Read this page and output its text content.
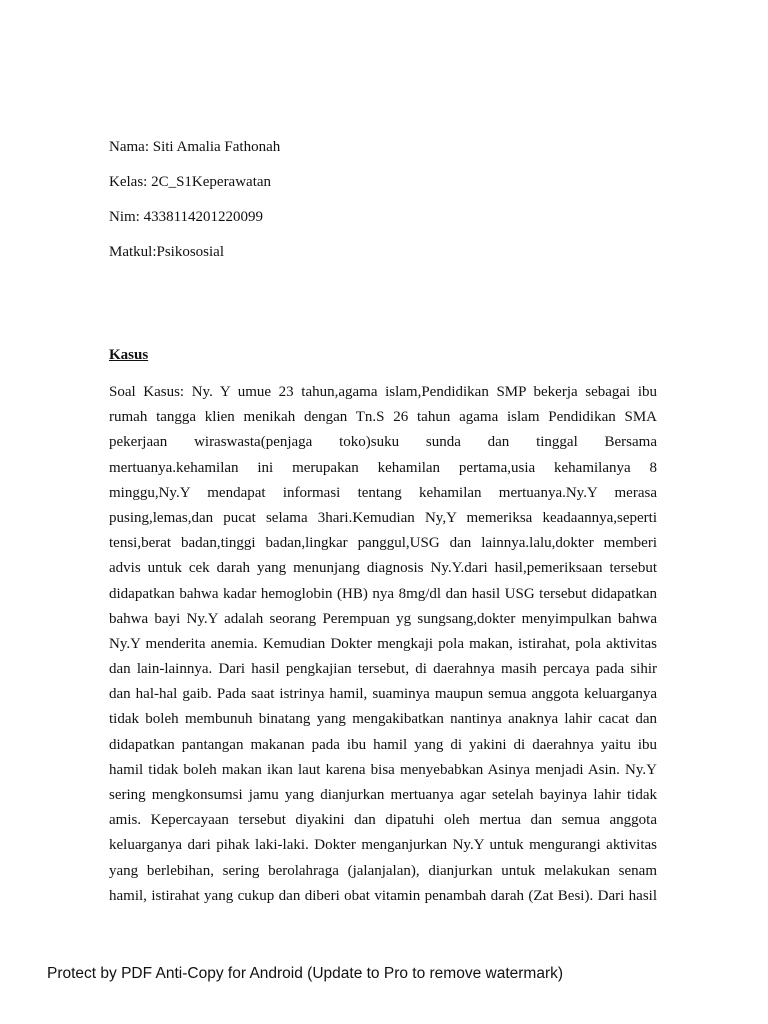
Nama: Siti Amalia Fathonah
Kelas: 2C_S1Keperawatan
Nim: 4338114201220099
Matkul:Psikososial
Kasus
Soal Kasus: Ny. Y umue 23 tahun,agama islam,Pendidikan SMP bekerja sebagai ibu
rumah tangga klien menikah dengan Tn.S 26 tahun agama islam Pendidikan SMA
pekerjaan wiraswasta(penjaga toko)suku sunda dan tinggal Bersama
mertuanya.kehamilan ini merupakan kehamilan pertama,usia kehamilanya 8
minggu,Ny.Y mendapat informasi tentang kehamilan mertuanya.Ny.Y merasa
pusing,lemas,dan pucat selama 3hari.Kemudian Ny,Y memeriksa keadaannya,seperti
tensi,berat badan,tinggi badan,lingkar panggul,USG dan lainnya.lalu,dokter memberi
advis untuk cek darah yang menunjang diagnosis Ny.Y.dari hasil,pemeriksaan tersebut
didapatkan bahwa kadar hemoglobin (HB) nya 8mg/dl dan hasil USG tersebut didapatkan
bahwa bayi Ny.Y adalah seorang Perempuan yg sungsang,dokter menyimpulkan bahwa
Ny.Y menderita anemia. Kemudian Dokter mengkaji pola makan, istirahat, pola aktivitas
dan lain-lainnya. Dari hasil pengkajian tersebut, di daerahnya masih percaya pada sihir
dan hal-hal gaib. Pada saat istrinya hamil, suaminya maupun semua anggota keluarganya
tidak boleh membunuh binatang yang mengakibatkan nantinya anaknya lahir cacat dan
didapatkan pantangan makanan pada ibu hamil yang di yakini di daerahnya yaitu ibu
hamil tidak boleh makan ikan laut karena bisa menyebabkan Asinya menjadi Asin. Ny.Y
sering mengkonsumsi jamu yang dianjurkan mertuanya agar setelah bayinya lahir tidak
amis. Kepercayaan tersebut diyakini dan dipatuhi oleh mertua dan semua anggota
keluarganya dari pihak laki-laki. Dokter menganjurkan Ny.Y untuk mengurangi aktivitas
yang berlebihan, sering berolahraga (jalanjalan), dianjurkan untuk melakukan senam
hamil, istirahat yang cukup dan diberi obat vitamin penambah darah (Zat Besi). Dari hasil
Protect by PDF Anti-Copy for Android (Update to Pro to remove watermark)
